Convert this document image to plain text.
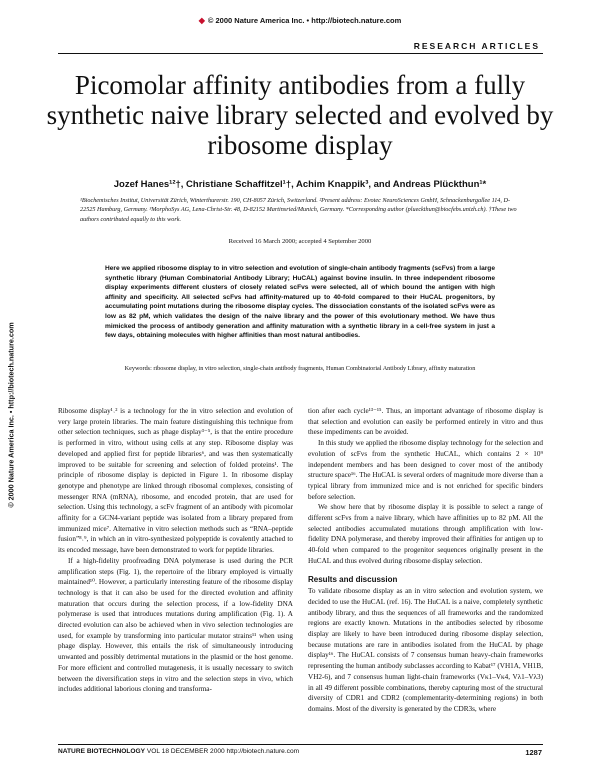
◆ © 2000 Nature America Inc. • http://biotech.nature.com
RESEARCH ARTICLES
© 2000 Nature America Inc. • http://biotech.nature.com
Picomolar affinity antibodies from a fully synthetic naive library selected and evolved by ribosome display
Jozef Hanes¹²†, Christiane Schaffitzel¹†, Achim Knappik³, and Andreas Plückthun¹*
¹Biochemisches Institut, Universität Zürich, Winterthurerstr. 190, CH-8057 Zürich, Switzerland. ²Present address: Evotec NeuroSciences GmbH, Schnackenburgallee 114, D-22525 Hamburg, Germany. ³MorphoSys AG, Lena-Christ-Str. 48, D-82152 Martinsried/Munich, Germany. *Corresponding author (plueckthun@biocfebs.unizh.ch). †These two authors contributed equally to this work.
Received 16 March 2000; accepted 4 September 2000
Here we applied ribosome display to in vitro selection and evolution of single-chain antibody fragments (scFvs) from a large synthetic library (Human Combinatorial Antibody Library; HuCAL) against bovine insulin. In three independent ribosome display experiments different clusters of closely related scFvs were selected, all of which bound the antigen with high affinity and specificity. All selected scFvs had affinity-matured up to 40-fold compared to their HuCAL progenitors, by accumulating point mutations during the ribosome display cycles. The dissociation constants of the isolated scFvs were as low as 82 pM, which validates the design of the naive library and the power of this evolutionary method. We have thus mimicked the process of antibody generation and affinity maturation with a synthetic library in a cell-free system in just a few days, obtaining molecules with higher affinities than most natural antibodies.
Keywords: ribosome display, in vitro selection, single-chain antibody fragments, Human Combinatorial Antibody Library, affinity maturation

Ribosome display¹˒² is a technology for the in vitro selection and evolution of very large protein libraries. The main feature distinguishing this technique from other selection techniques, such as phage display³⁻⁵, is that the entire procedure is performed in vitro, without using cells at any step. Ribosome display was developed and applied first for peptide libraries⁶, and was then systematically improved to be suitable for screening and selection of folded proteins¹. The principle of ribosome display is depicted in Figure 1. In ribosome display genotype and phenotype are linked through ribosomal complexes, consisting of messenger RNA (mRNA), ribosome, and encoded protein, that are used for selection. Using this technology, a scFv fragment of an antibody with picomolar affinity for a GCN4-variant peptide was isolated from a library prepared from immunized mice⁷. Alternative in vitro selection methods such as “RNA–peptide fusion”⁸˒⁹, in which an in vitro-synthesized polypeptide is covalently attached to its encoded message, have been demonstrated to work for peptide libraries.

If a high-fidelity proofreading DNA polymerase is used during the PCR amplification steps (Fig. 1), the repertoire of the library employed is virtually maintained¹⁰. However, a particularly interesting feature of the ribosome display technology is that it can also be used for the directed evolution and affinity maturation that occurs during the selection process, if a low-fidelity DNA polymerase is used that introduces mutations during amplification (Fig. 1). A directed evolution can also be achieved when in vivo selection technologies are used, for example by transforming into particular mutator strains¹¹ when using phage display. However, this entails the risk of simultaneously introducing unwanted and possibly detrimental mutations in the plasmid or the host genome. For more efficient and controlled mutagenesis, it is usually necessary to switch between the diversification steps in vitro and the selection steps in vivo, which includes additional laborious cloning and transforma-

tion after each cycle¹³⁻¹⁵. Thus, an important advantage of ribosome display is that selection and evolution can easily be performed entirely in vitro and thus these impediments can be avoided.

In this study we applied the ribosome display technology for the selection and evolution of scFvs from the synthetic HuCAL, which contains 2 × 10⁹ independent members and has been designed to cover most of the antibody structure space¹⁶. The HuCAL is several orders of magnitude more diverse than a typical library from immunized mice and is not enriched for specific binders before selection.

We show here that by ribosome display it is possible to select a range of different scFvs from a naive library, which have affinities up to 82 pM. All the selected antibodies accumulated mutations through amplification with low-fidelity DNA polymerase, and thereby improved their affinities for antigen up to 40-fold when compared to the progenitor sequences originally present in the HuCAL and thus evolved during ribosome display selection.

Results and discussion

To validate ribosome display as an in vitro selection and evolution system, we decided to use the HuCAL (ref. 16). The HuCAL is a naive, completely synthetic antibody library, and thus the sequences of all frameworks and the randomized regions are exactly known. Mutations in the antibodies selected by ribosome display are likely to have been introduced during ribosome display selection, because mutations are rare in antibodies isolated from the HuCAL by phage display¹⁶. The HuCAL consists of 7 consensus human heavy-chain frameworks representing the human antibody subclasses according to Kabat¹⁷ (VH1A, VH1B, VH2-6), and 7 consensus human light-chain frameworks (Vκ1–Vκ4, Vλ1–Vλ3) in all 49 different possible combinations, thereby capturing most of the structural diversity of CDR1 and CDR2 (complementarity-determining regions) in both domains. Most of the diversity is generated by the CDR3s, where

NATURE BIOTECHNOLOGY VOL 18 DECEMBER 2000 http://biotech.nature.com	1287
